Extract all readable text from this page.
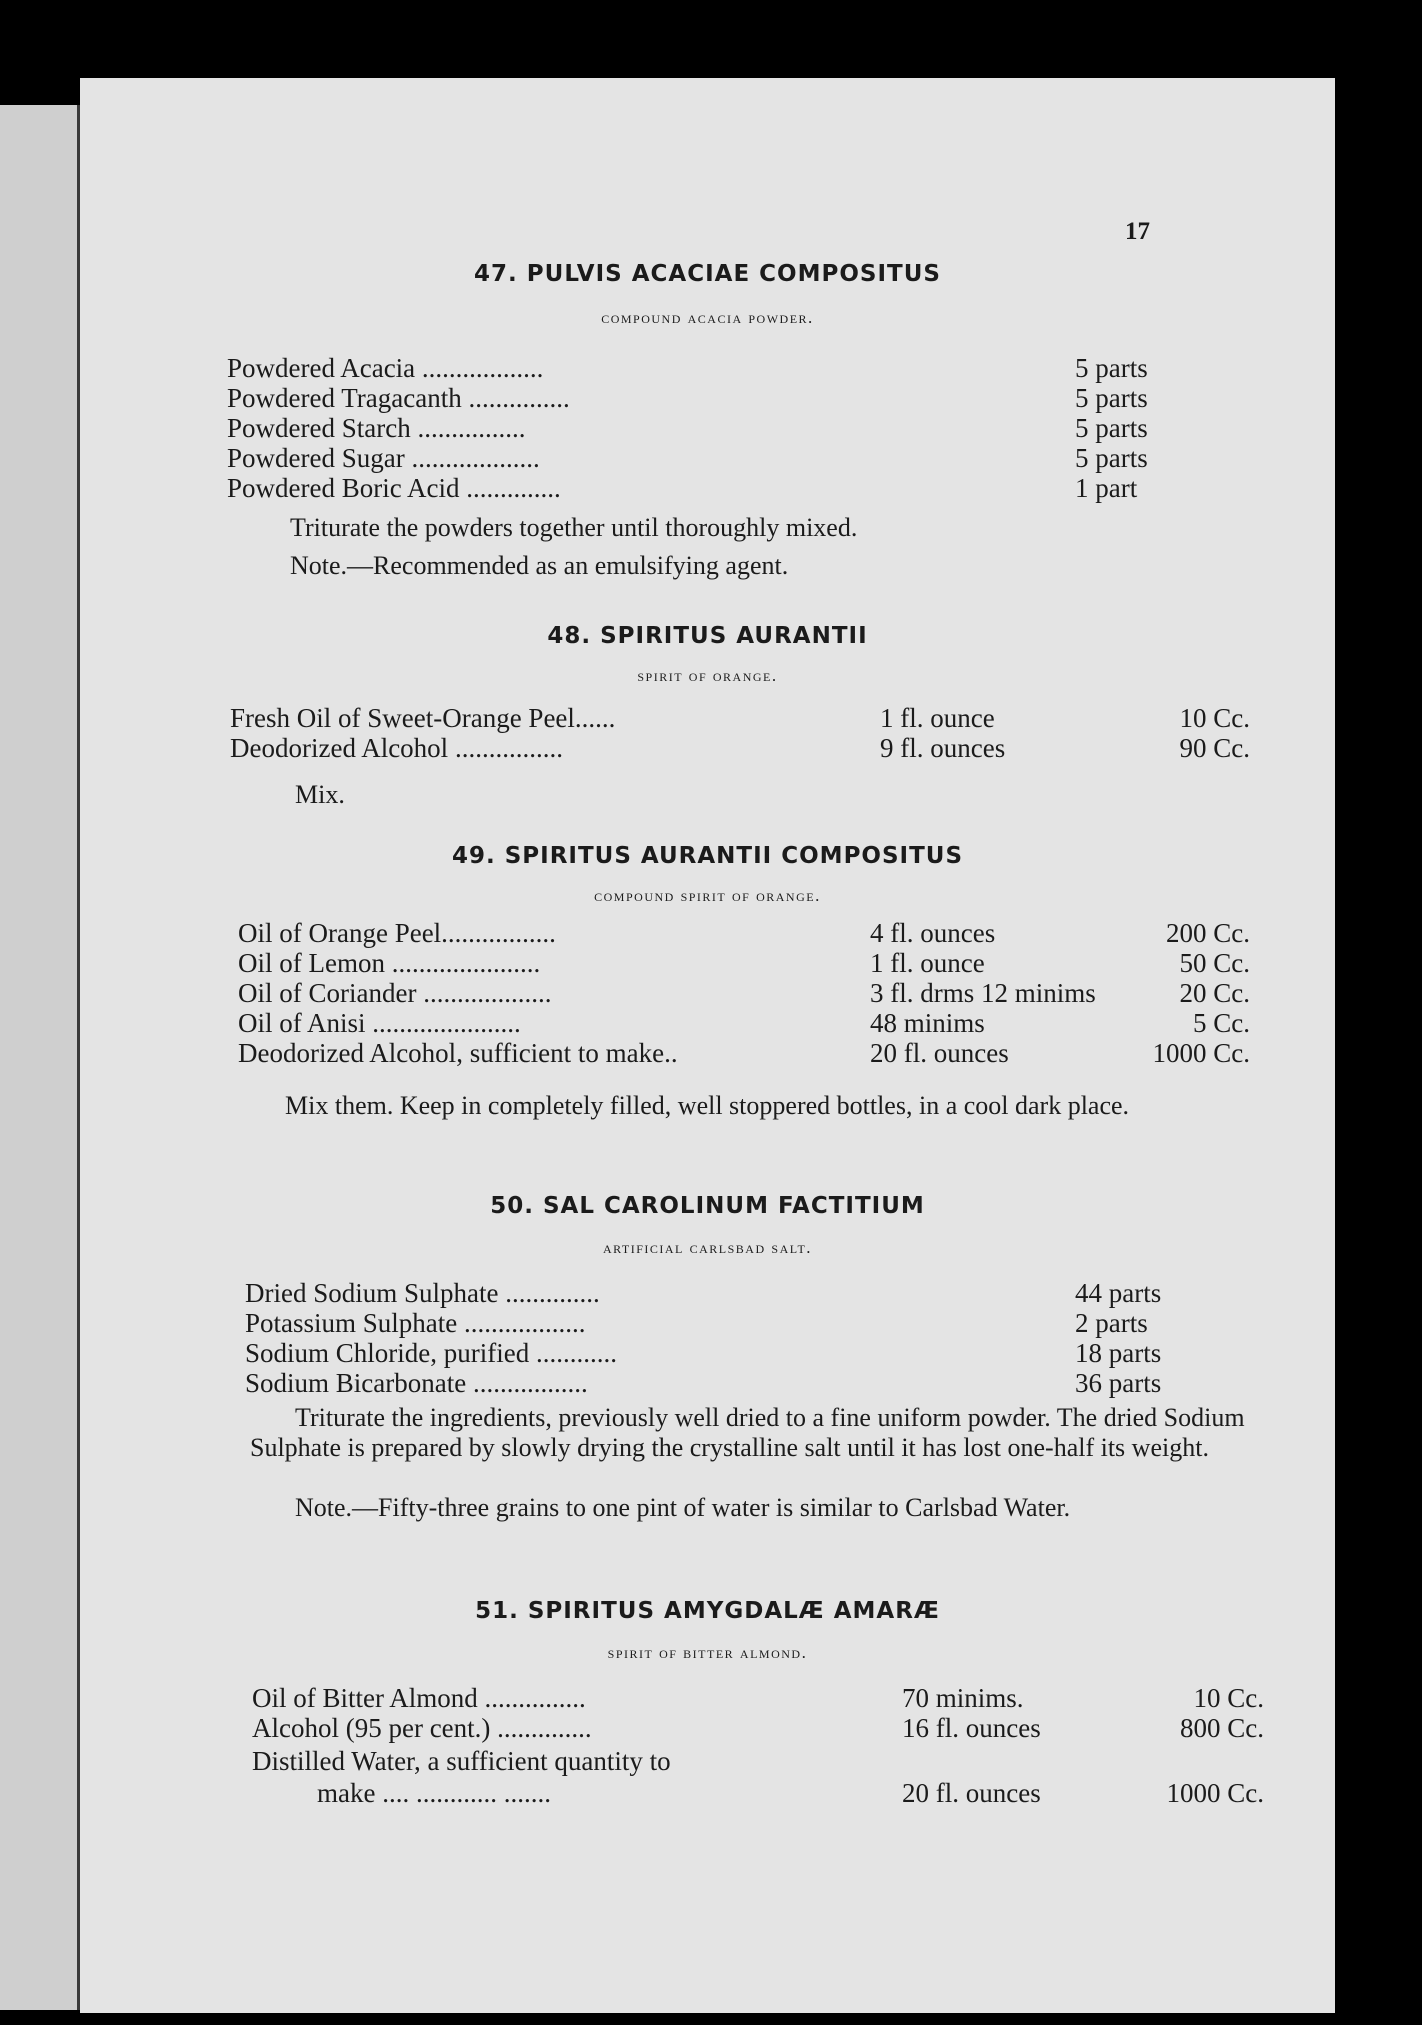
17
47. PULVIS ACACIAE COMPOSITUS
compound acacia powder.
Powdered Acacia ..................	5 parts
Powdered Tragacanth ...............	5 parts
Powdered Starch ................	5 parts
Powdered Sugar ...................	5 parts
Powdered Boric Acid ..............	1 part
Triturate the powders together until thoroughly mixed.
Note.—Recommended as an emulsifying agent.
48. SPIRITUS AURANTII
spirit of orange.
Fresh Oil of Sweet-Orange Peel......	1 fl. ounce	10 Cc.
Deodorized Alcohol ................	9 fl. ounces	90 Cc.
Mix.
49. SPIRITUS AURANTII COMPOSITUS
compound spirit of orange.
Oil of Orange Peel.................	4 fl. ounces	200 Cc.
Oil of Lemon ......................	1 fl. ounce	50 Cc.
Oil of Coriander ...................	3 fl. drms 12 minims	20 Cc.
Oil of Anisi ......................	48 minims	5 Cc.
Deodorized Alcohol, sufficient to make..	20 fl. ounces	1000 Cc.
Mix them. Keep in completely filled, well stoppered bottles, in a cool dark place.
50. SAL CAROLINUM FACTITIUM
artificial carlsbad salt.
Dried Sodium Sulphate ..............	44 parts
Potassium Sulphate ..................	2 parts
Sodium Chloride, purified ............	18 parts
Sodium Bicarbonate .................	36 parts
Triturate the ingredients, previously well dried to a fine uniform powder. The dried Sodium Sulphate is prepared by slowly drying the crystalline salt until it has lost one-half its weight.
Note.—Fifty-three grains to one pint of water is similar to Carlsbad Water.
51. SPIRITUS AMYGDALÆ AMARÆ
spirit of bitter almond.
Oil of Bitter Almond ...............	70 minims.	10 Cc.
Alcohol (95 per cent.) ..............	16 fl. ounces	800 Cc.
Distilled Water, a sufficient quantity to
make .... ............ .......	20 fl. ounces	1000 Cc.
